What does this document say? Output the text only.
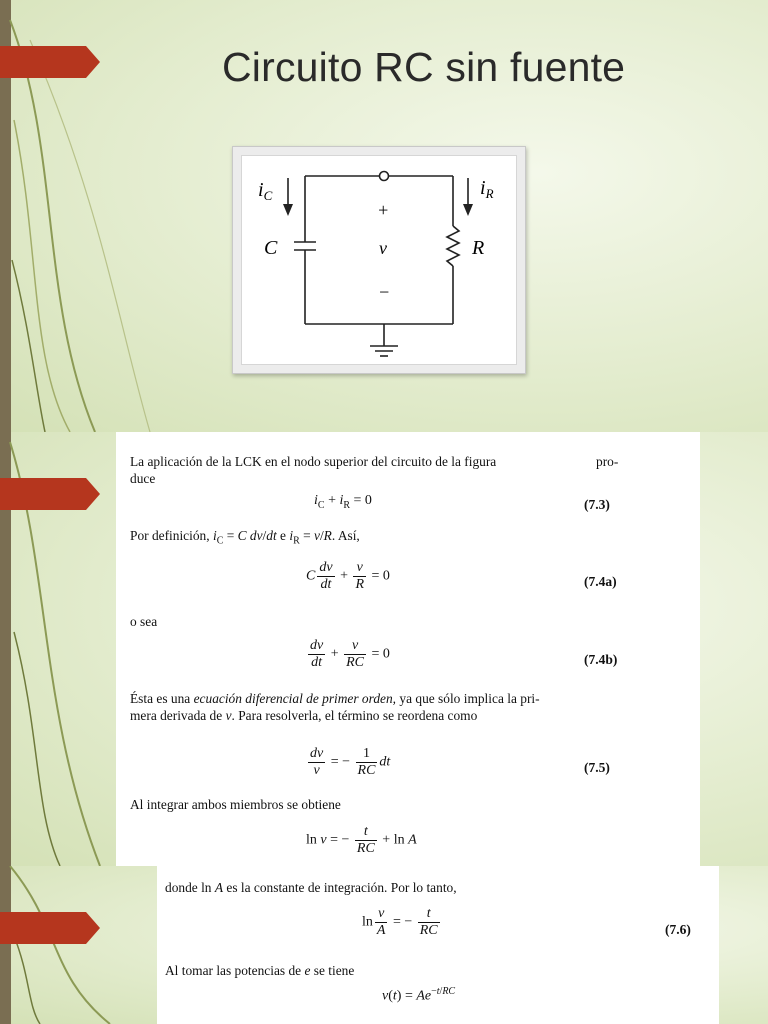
Circuito RC sin fuente
$i_C$	$i_R$
C	R
v
+
−
La aplicación de la LCK en el nodo superior del circuito de la figura	pro-
duce
$i_C + i_R = 0$	(7.3)
Por definición, $i_C = C$ dv/dt e $i_R = v/R$. Así,
C $\frac{dv}{dt} + \frac{v}{R} = 0$	(7.4a)
o sea
$\frac{dv}{dt} + \frac{v}{RC} = 0$	(7.4b)
Ésta es una ecuación diferencial de primer orden, ya que sólo implica la pri-
mera derivada de v. Para resolverla, el término se reordena como
$\frac{dv}{v}$ = − $\frac{1}{RC}$ dt	(7.5)
Al integrar ambos miembros se obtiene
ln v = − $\frac{t}{RC} + \ln A$
donde ln A es la constante de integración. Por lo tanto,
$\ln \frac{v}{A}$ = − $\frac{t}{RC}$	(7.6)
Al tomar las potencias de e se tiene
$v(t) = Ae^{-t/RC}$
